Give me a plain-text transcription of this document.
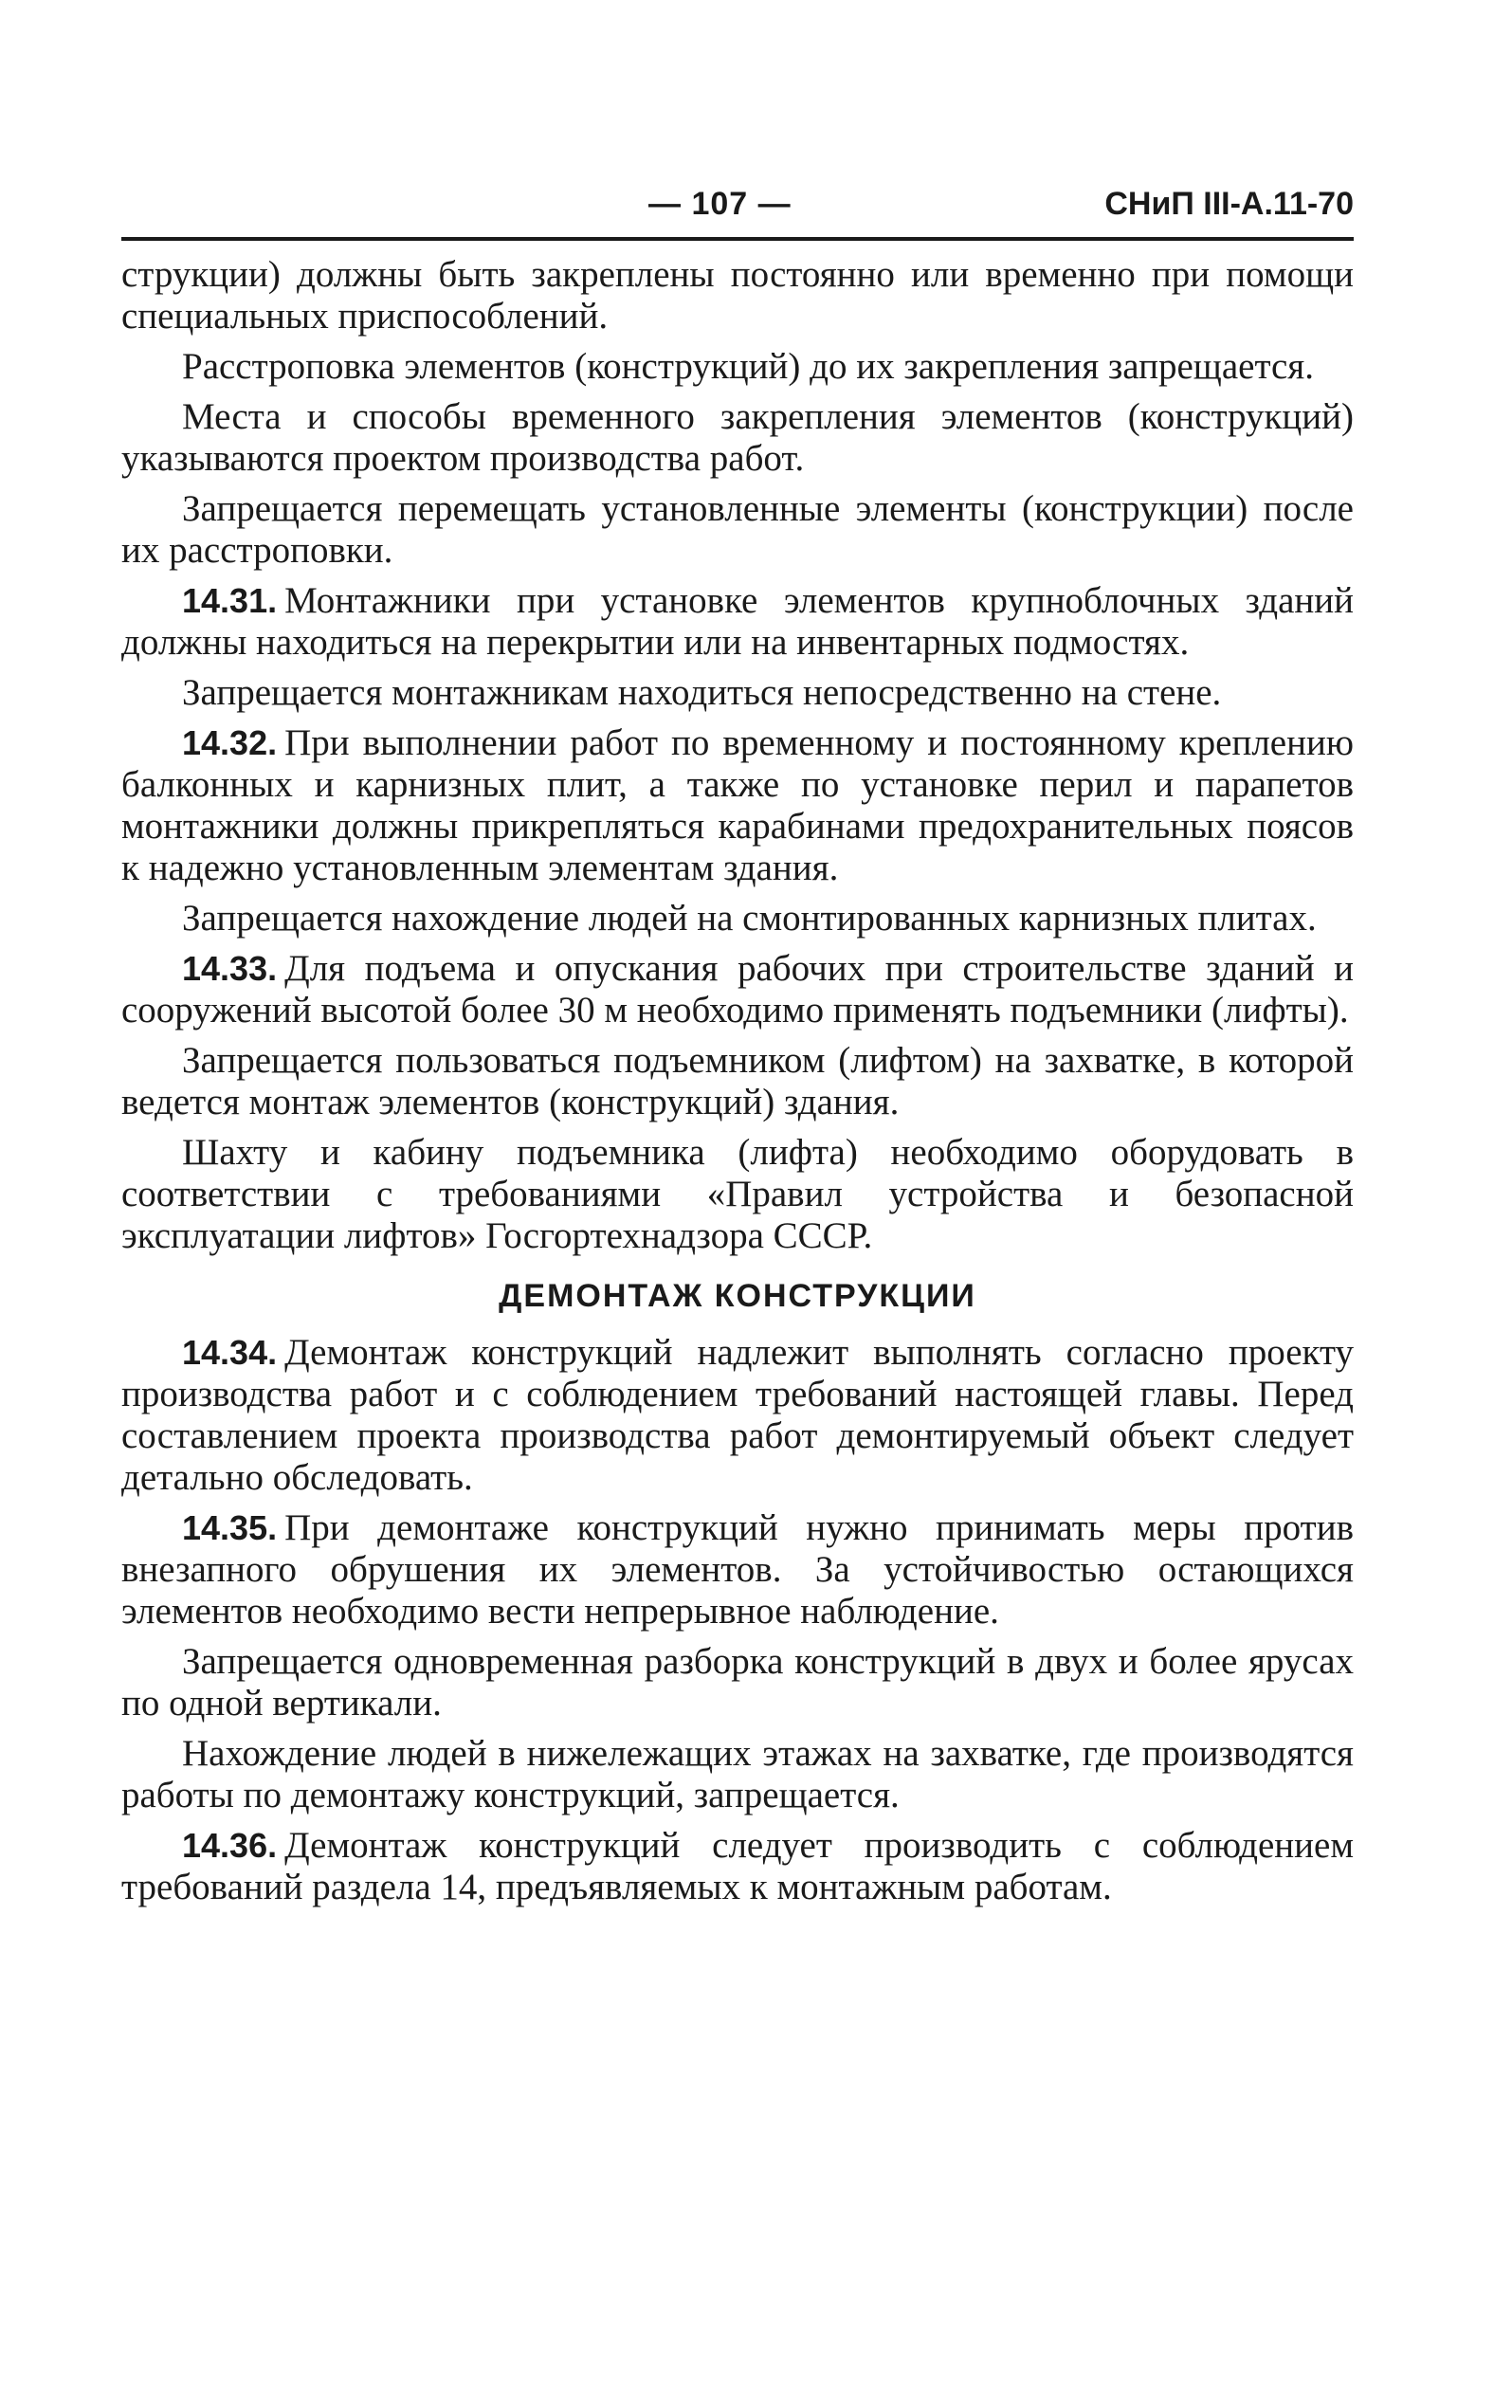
— 107 —	СНиП III-А.11-70

струкции) должны быть закреплены постоянно или временно при помощи специальных приспособлений.

Расстроповка элементов (конструкций) до их закрепления запрещается.

Места и способы временного закрепления элементов (конструкций) указываются проектом производства работ.

Запрещается перемещать установленные элементы (конструкции) после их расстроповки.

14.31. Монтажники при установке элементов крупноблочных зданий должны находиться на перекрытии или на инвентарных подмостях.

Запрещается монтажникам находиться непосредственно на стене.

14.32. При выполнении работ по временному и постоянному креплению балконных и карнизных плит, а также по установке перил и парапетов монтажники должны прикрепляться карабинами предохранительных поясов к надежно установленным элементам здания.

Запрещается нахождение людей на смонтированных карнизных плитах.

14.33. Для подъема и опускания рабочих при строительстве зданий и сооружений высотой более 30 м необходимо применять подъемники (лифты).

Запрещается пользоваться подъемником (лифтом) на захватке, в которой ведется монтаж элементов (конструкций) здания.

Шахту и кабину подъемника (лифта) необходимо оборудовать в соответствии с требованиями «Правил устройства и безопасной эксплуатации лифтов» Госгортехнадзора СССР.

ДЕМОНТАЖ КОНСТРУКЦИИ

14.34. Демонтаж конструкций надлежит выполнять согласно проекту производства работ и с соблюдением требований настоящей главы. Перед составлением проекта производства работ демонтируемый объект следует детально обследовать.

14.35. При демонтаже конструкций нужно принимать меры против внезапного обрушения их элементов. За устойчивостью остающихся элементов необходимо вести непрерывное наблюдение.

Запрещается одновременная разборка конструкций в двух и более ярусах по одной вертикали.

Нахождение людей в нижележащих этажах на захватке, где производятся работы по демонтажу конструкций, запрещается.

14.36. Демонтаж конструкций следует производить с соблюдением требований раздела 14, предъявляемых к монтажным работам.
